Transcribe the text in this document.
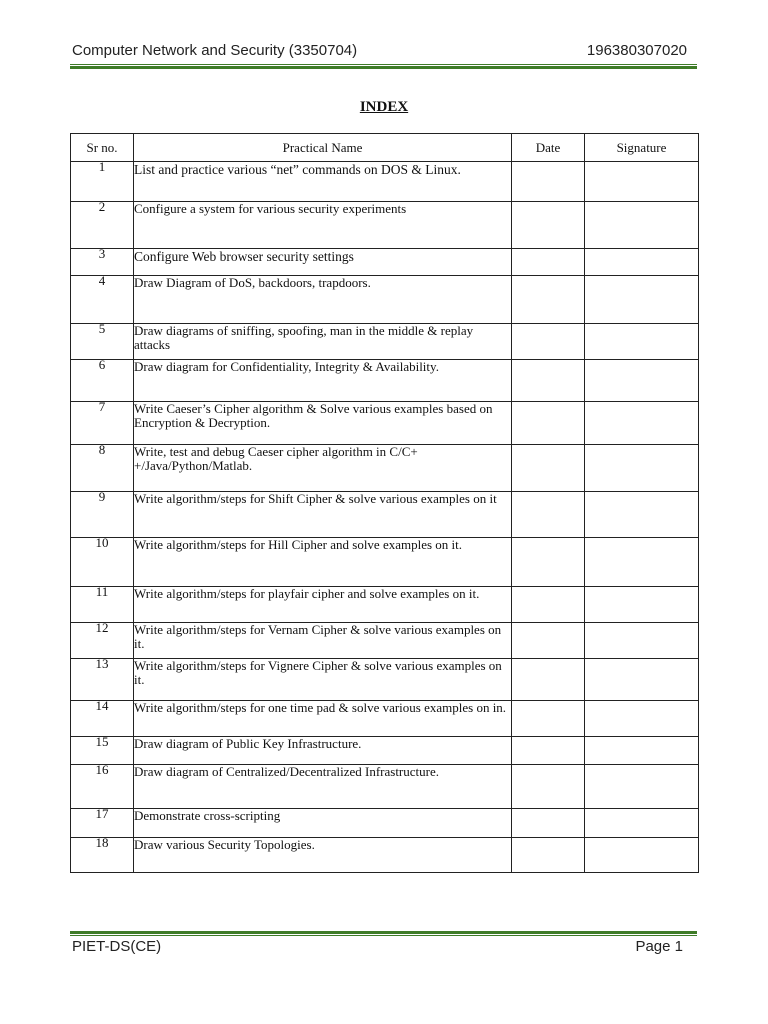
Computer Network and Security (3350704)	196380307020
INDEX
Sr no.	Practical Name	Date	Signature
1	List and practice various “net” commands on DOS & Linux.		
2	Configure a system for various security experiments		
3	Configure Web browser security settings		
4	Draw Diagram of DoS, backdoors, trapdoors.		
5	Draw diagrams of sniffing, spoofing, man in the middle & replay attacks		
6	Draw diagram for Confidentiality, Integrity & Availability.		
7	Write Caeser’s Cipher algorithm & Solve various examples based on Encryption & Decryption.		
8	Write, test and debug Caeser cipher algorithm in C/C+ +/Java/Python/Matlab.		
9	Write algorithm/steps for Shift Cipher & solve various examples on it		
10	Write algorithm/steps for Hill Cipher and solve examples on it.		
11	Write algorithm/steps for playfair cipher and solve examples on it.		
12	Write algorithm/steps for Vernam Cipher & solve various examples on it.		
13	Write algorithm/steps for Vignere Cipher & solve various examples on it.		
14	Write algorithm/steps for one time pad & solve various examples on in.		
15	Draw diagram of Public Key Infrastructure.		
16	Draw diagram of Centralized/Decentralized Infrastructure.		
17	Demonstrate cross-scripting		
18	Draw various Security Topologies.		
PIET-DS(CE)	Page 1
